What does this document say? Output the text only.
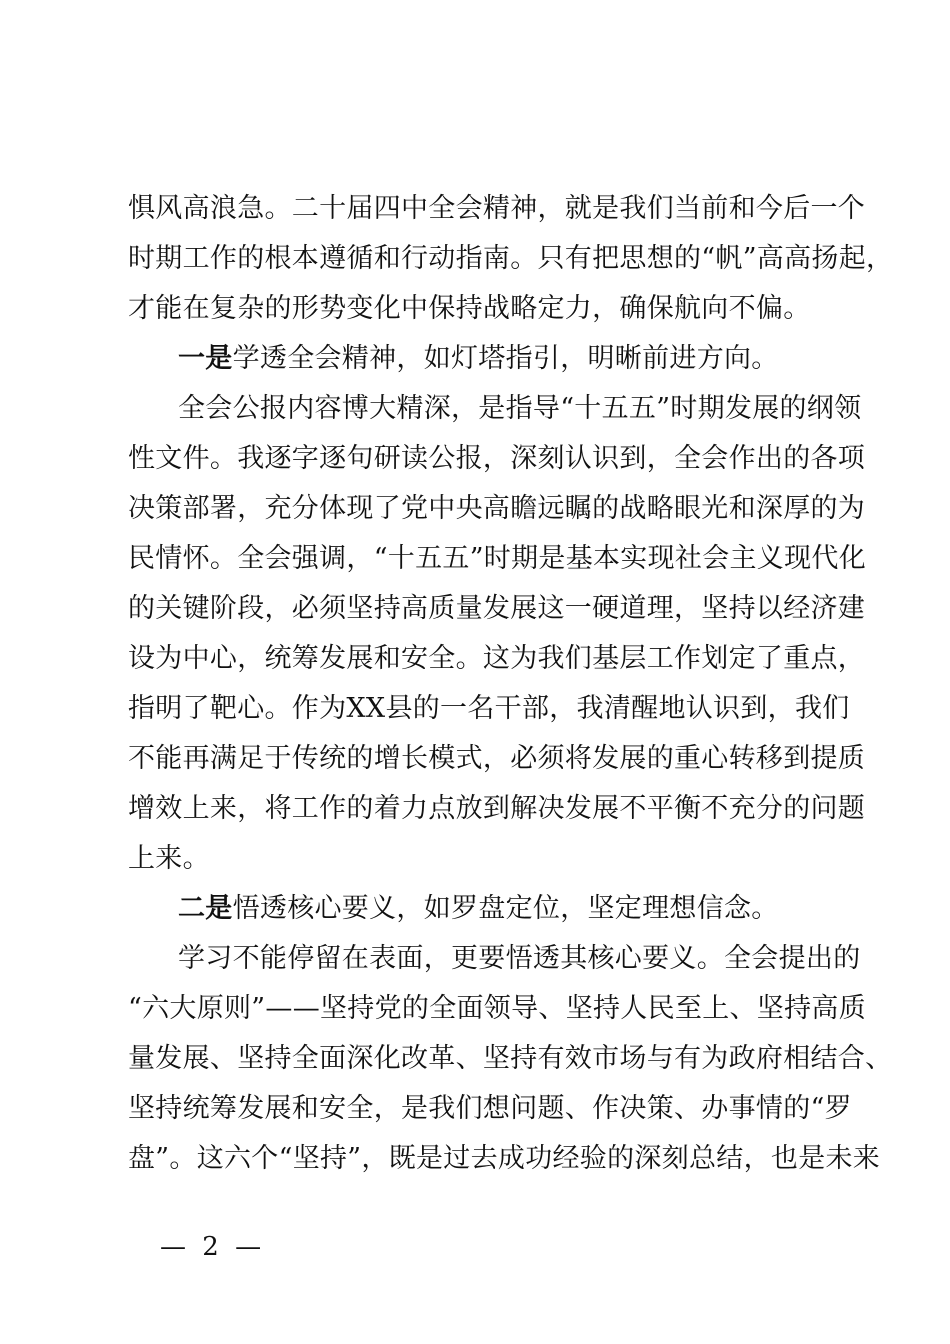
惧风高浪急。二十届四中全会精神，就是我们当前和今后一个
时期工作的根本遵循和行动指南。只有把思想的“帆”高高扬起，
才能在复杂的形势变化中保持战略定力，确保航向不偏。
一是学透全会精神，如灯塔指引，明晰前进方向。
全会公报内容博大精深，是指导“十五五”时期发展的纲领
性文件。我逐字逐句研读公报，深刻认识到，全会作出的各项
决策部署，充分体现了党中央高瞻远瞩的战略眼光和深厚的为
民情怀。全会强调，“十五五”时期是基本实现社会主义现代化
的关键阶段，必须坚持高质量发展这一硬道理，坚持以经济建
设为中心，统筹发展和安全。这为我们基层工作划定了重点，
指明了靶心。作为XX县的一名干部，我清醒地认识到，我们
不能再满足于传统的增长模式，必须将发展的重心转移到提质
增效上来，将工作的着力点放到解决发展不平衡不充分的问题
上来。
二是悟透核心要义，如罗盘定位，坚定理想信念。
学习不能停留在表面，更要悟透其核心要义。全会提出的
“六大原则”——坚持党的全面领导、坚持人民至上、坚持高质
量发展、坚持全面深化改革、坚持有效市场与有为政府相结合、
坚持统筹发展和安全，是我们想问题、作决策、办事情的“罗
盘”。这六个“坚持”，既是过去成功经验的深刻总结，也是未来
— 2 —
